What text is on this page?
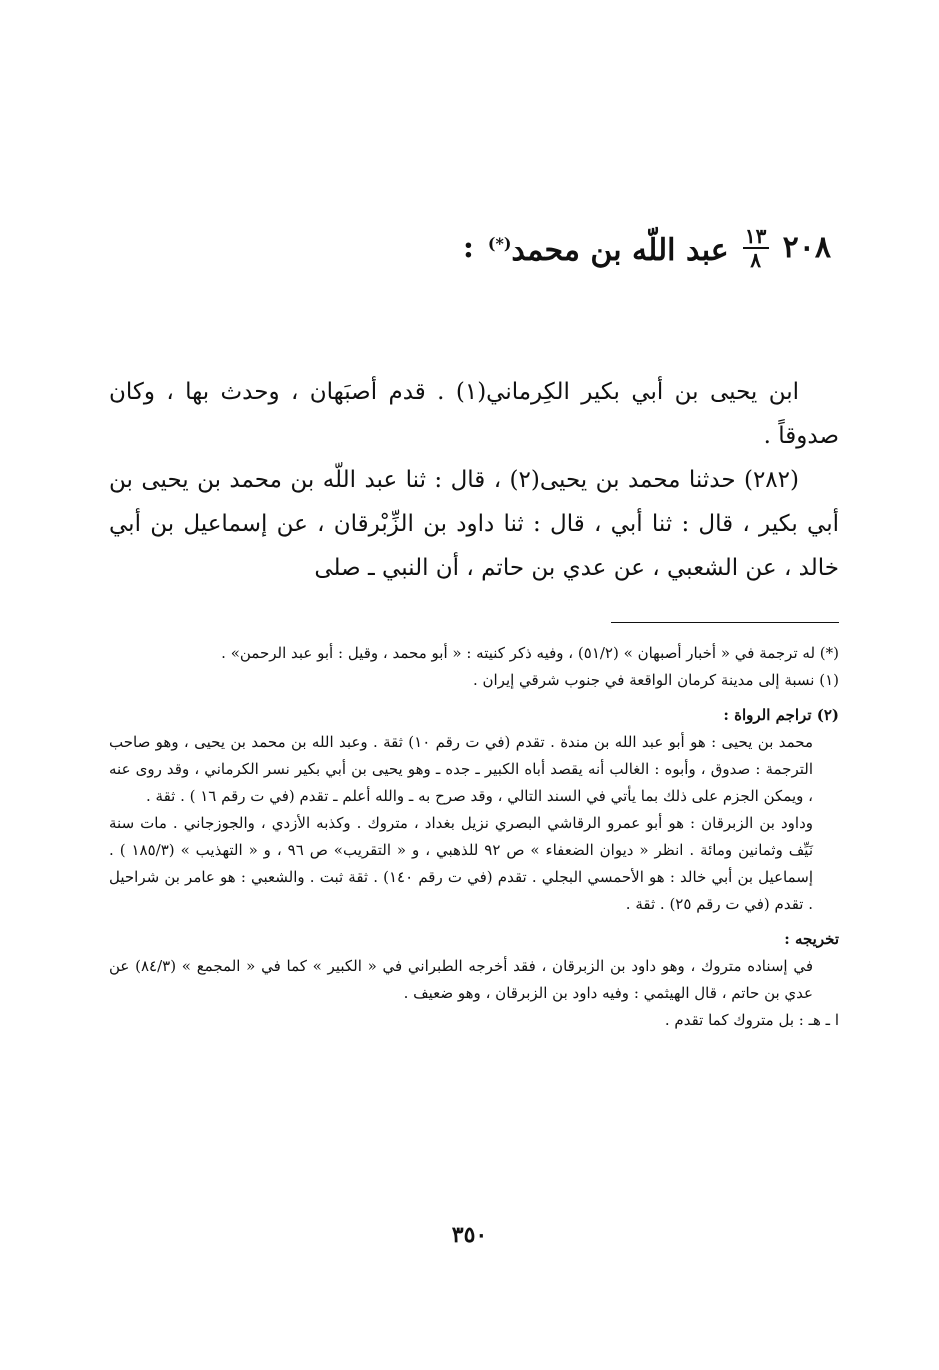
٢٠٨
$\frac{١٣}{٨}$
عبد اللّه بن محمد(*)
:

ابن يحيى بن أبي بكير الكِرماني(١) . قدم أصبَهان ، وحدث بها ، وكان صدوقاً .

(٢٨٢) حدثنا محمد بن يحيى(٢) ، قال : ثنا عبد اللّه بن محمد بن يحيى بن أبي بكير ، قال : ثنا أبي ، قال : ثنا داود بن الزِّبْرقان ، عن إسماعيل بن أبي خالد ، عن الشعبي ، عن عدي بن حاتم ، أن النبي ـ صلى

(*) له ترجمة في « أخبار أصبهان » (٥١/٢) ، وفيه ذكر كنيته : « أبو محمد ، وقيل : أبو عبد الرحمن» .

(١) نسبة إلى مدينة كرمان الواقعة في جنوب شرقي إيران .

(٢) تراجم الرواة :

محمد بن يحيى : هو أبو عبد الله بن مندة . تقدم (في ت رقم ١٠) ثقة . وعبد الله بن محمد بن يحيى ، وهو صاحب الترجمة : صدوق ، وأبوه : الغالب أنه يقصد أباه الكبير ـ جده ـ وهو يحيى بن أبي بكير نسر الكرماني ، وقد روى عنه ، ويمكن الجزم على ذلك بما يأتي في السند التالي ، وقد صرح به ـ والله أعلم ـ تقدم (في ت رقم ١٦ ) . ثقة .

وداود بن الزبرقان : هو أبو عمرو الرقاشي البصري نزيل بغداد ، متروك . وكذبه الأزدي ، والجوزجاني . مات سنة نَيِّف وثمانين ومائة . انظر « ديوان الضعفاء » ص ٩٢ للذهبي ، و « التقريب» ص ٩٦ ، و « التهذيب » (١٨٥/٣ ) . إسماعيل بن أبي خالد : هو الأحمسي البجلي . تقدم (في ت رقم ١٤٠) . ثقة ثبت . والشعبي : هو عامر بن شراحيل . تقدم (في ت رقم ٢٥) . ثقة .

تخريجه :

في إسناده متروك ، وهو داود بن الزبرقان ، فقد أخرجه الطبراني في « الكبير » كما في « المجمع » (٨٤/٣) عن عدي بن حاتم ، قال الهيثمي : وفيه داود بن الزبرقان ، وهو ضعيف .

ا ـ هـ : بل متروك كما تقدم .

٣٥٠
